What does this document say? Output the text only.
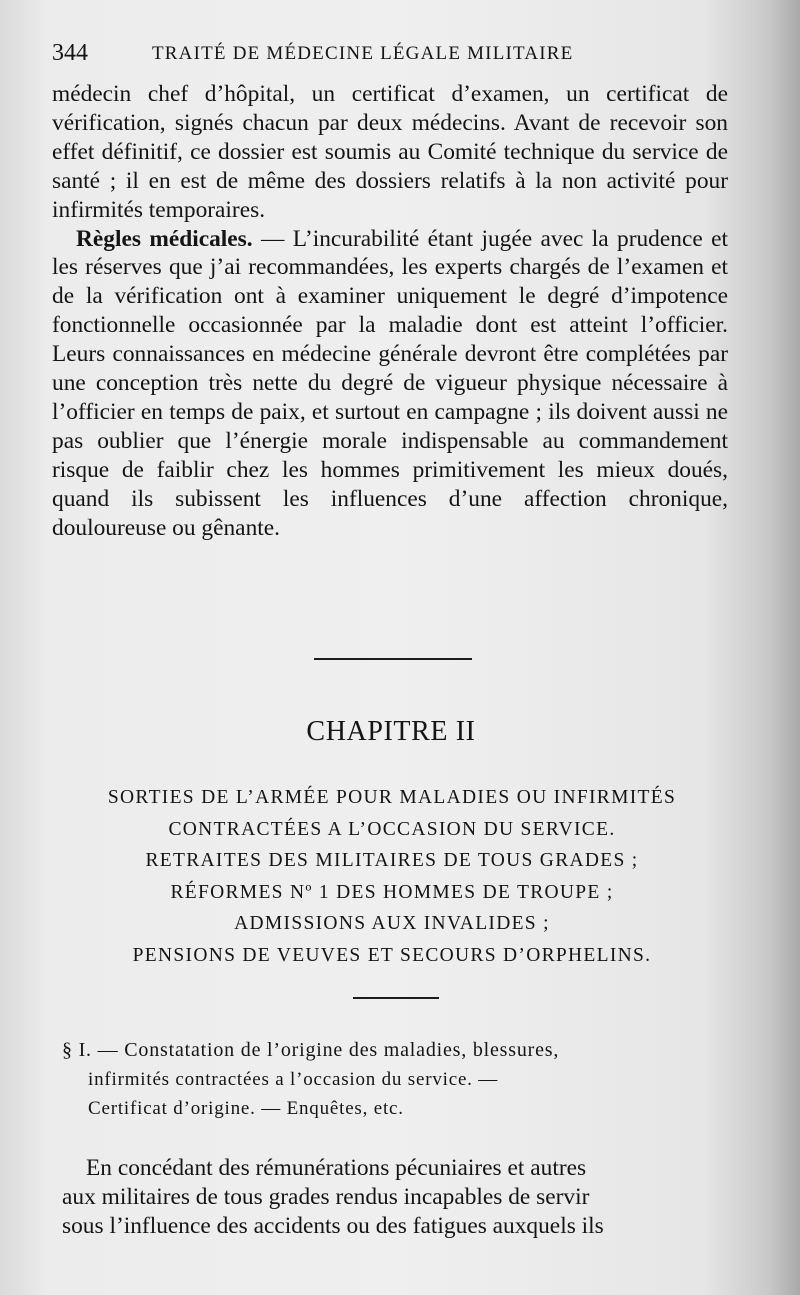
344	TRAITÉ DE MÉDECINE LÉGALE MILITAIRE

médecin chef d’hôpital, un certificat d’examen, un certificat de vérification, signés chacun par deux médecins. Avant de recevoir son effet définitif, ce dossier est soumis au Comité technique du service de santé ; il en est de même des dossiers relatifs à la non activité pour infirmités temporaires.

Règles médicales. — L’incurabilité étant jugée avec la prudence et les réserves que j’ai recommandées, les experts chargés de l’examen et de la vérification ont à examiner uniquement le degré d’impotence fonctionnelle occasionnée par la maladie dont est atteint l’officier. Leurs connaissances en médecine générale devront être complétées par une conception très nette du degré de vigueur physique nécessaire à l’officier en temps de paix, et surtout en campagne ; ils doivent aussi ne pas oublier que l’énergie morale indispensable au commandement risque de faiblir chez les hommes primitivement les mieux doués, quand ils subissent les influences d’une affection chronique, douloureuse ou gênante.

CHAPITRE II
SORTIES DE L’ARMÉE POUR MALADIES OU INFIRMITÉS
CONTRACTÉES A L’OCCASION DU SERVICE.
RETRAITES DES MILITAIRES DE TOUS GRADES ;
RÉFORMES Nº 1 DES HOMMES DE TROUPE ;
ADMISSIONS AUX INVALIDES ;
PENSIONS DE VEUVES ET SECOURS D’ORPHELINS.
§ I. — Constatation de l’origine des maladies, blessures,
infirmités contractées a l’occasion du service. —
Certificat d’origine. — Enquêtes, etc.
En concédant des rémunérations pécuniaires et autres
aux militaires de tous grades rendus incapables de servir
sous l’influence des accidents ou des fatigues auxquels ils
